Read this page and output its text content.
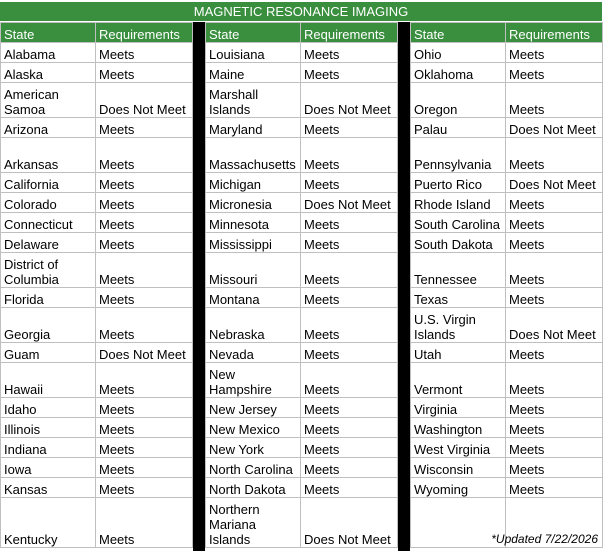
MAGNETIC RESONANCE IMAGING
State	Requirements
Alabama	Meets
Alaska	Meets
American Samoa	Does Not Meet
Arizona	Meets
Arkansas	Meets
California	Meets
Colorado	Meets
Connecticut	Meets
Delaware	Meets
District of Columbia	Meets
Florida	Meets
Georgia	Meets
Guam	Does Not Meet
Hawaii	Meets
Idaho	Meets
Illinois	Meets
Indiana	Meets
Iowa	Meets
Kansas	Meets
Kentucky	Meets
State	Requirements
Louisiana	Meets
Maine	Meets
Marshall Islands	Does Not Meet
Maryland	Meets
Massachusetts	Meets
Michigan	Meets
Micronesia	Does Not Meet
Minnesota	Meets
Mississippi	Meets
Missouri	Meets
Montana	Meets
Nebraska	Meets
Nevada	Meets
New Hampshire	Meets
New Jersey	Meets
New Mexico	Meets
New York	Meets
North Carolina	Meets
North Dakota	Meets
Northern Mariana Islands	Does Not Meet
State	Requirements
Ohio	Meets
Oklahoma	Meets
Oregon	Meets
Palau	Does Not Meet
Pennsylvania	Meets
Puerto Rico	Does Not Meet
Rhode Island	Meets
South Carolina	Meets
South Dakota	Meets
Tennessee	Meets
Texas	Meets
U.S. Virgin Islands	Does Not Meet
Utah	Meets
Vermont	Meets
Virginia	Meets
Washington	Meets
West Virginia	Meets
Wisconsin	Meets
Wyoming	Meets

*Updated 7/22/2026
